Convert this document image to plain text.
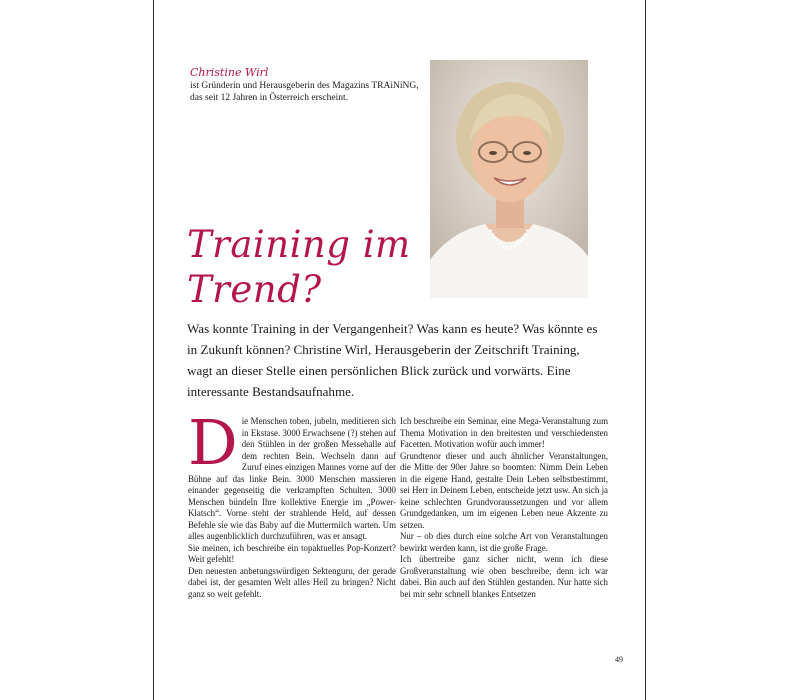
Christine Wirl
ist Gründerin und Herausgeberin des Magazins TRAiNiNG, das seit 12 Jahren in Österreich erscheint.
Training im
Trend?
Was konnte Training in der Vergangenheit? Was kann es heute? Was könnte es in Zukunft können? Christine Wirl, Herausgeberin der Zeitschrift Training, wagt an dieser Stelle einen persönlichen Blick zurück und vorwärts. Eine interessante Bestandsaufnahme.
D ie Menschen toben, jubeln, meditieren sich in Ekstase. 3000 Erwachsene (?) stehen auf den Stühlen in der großen Messehalle auf dem rechten Bein. Wechseln dann auf Zuruf eines einzigen Mannes vorne auf der Bühne auf das linke Bein. 3000 Menschen massieren einander gegenseitig die verkrampften Schulten. 3000 Menschen bündeln Ihre kollektive Energie im „Power-Klatsch“. Vorne steht der strahlende Held, auf dessen Befehle sie wie das Baby auf die Muttermilch warten. Um alles augenblicklich durchzuführen, was er ansagt.

Sie meinen, ich beschreibe ein topaktuelles Pop-Konzert? Weit gefehlt!

Den neuesten anbetungswürdigen Sektenguru, der gerade dabei ist, der gesamten Welt alles Heil zu bringen? Nicht ganz so weit gefehlt.

Ich beschreibe ein Seminar, eine Mega-Veranstaltung zum Thema Motivation in den breitesten und verschiedensten Facetten. Motivation wofür auch immer!

Grundtenor dieser und auch ähnlicher Veranstaltungen, die Mitte der 90er Jahre so boomten: Nimm Dein Leben in die eigene Hand, gestalte Dein Leben selbstbestimmt, sei Herr in Deinem Leben, entscheide jetzt usw. An sich ja keine schlechten Grundvoraussetzungen und vor allem Grundgedanken, um im eigenen Leben neue Akzente zu setzen.

Nur – ob dies durch eine solche Art von Veranstaltungen bewirkt werden kann, ist die große Frage.

Ich übertreibe ganz sicher nicht, wenn ich diese Großveranstaltung wie oben beschreibe, denn ich war dabei. Bin auch auf den Stühlen gestanden. Nur hatte sich bei mir sehr schnell blankes Entsetzen

49
